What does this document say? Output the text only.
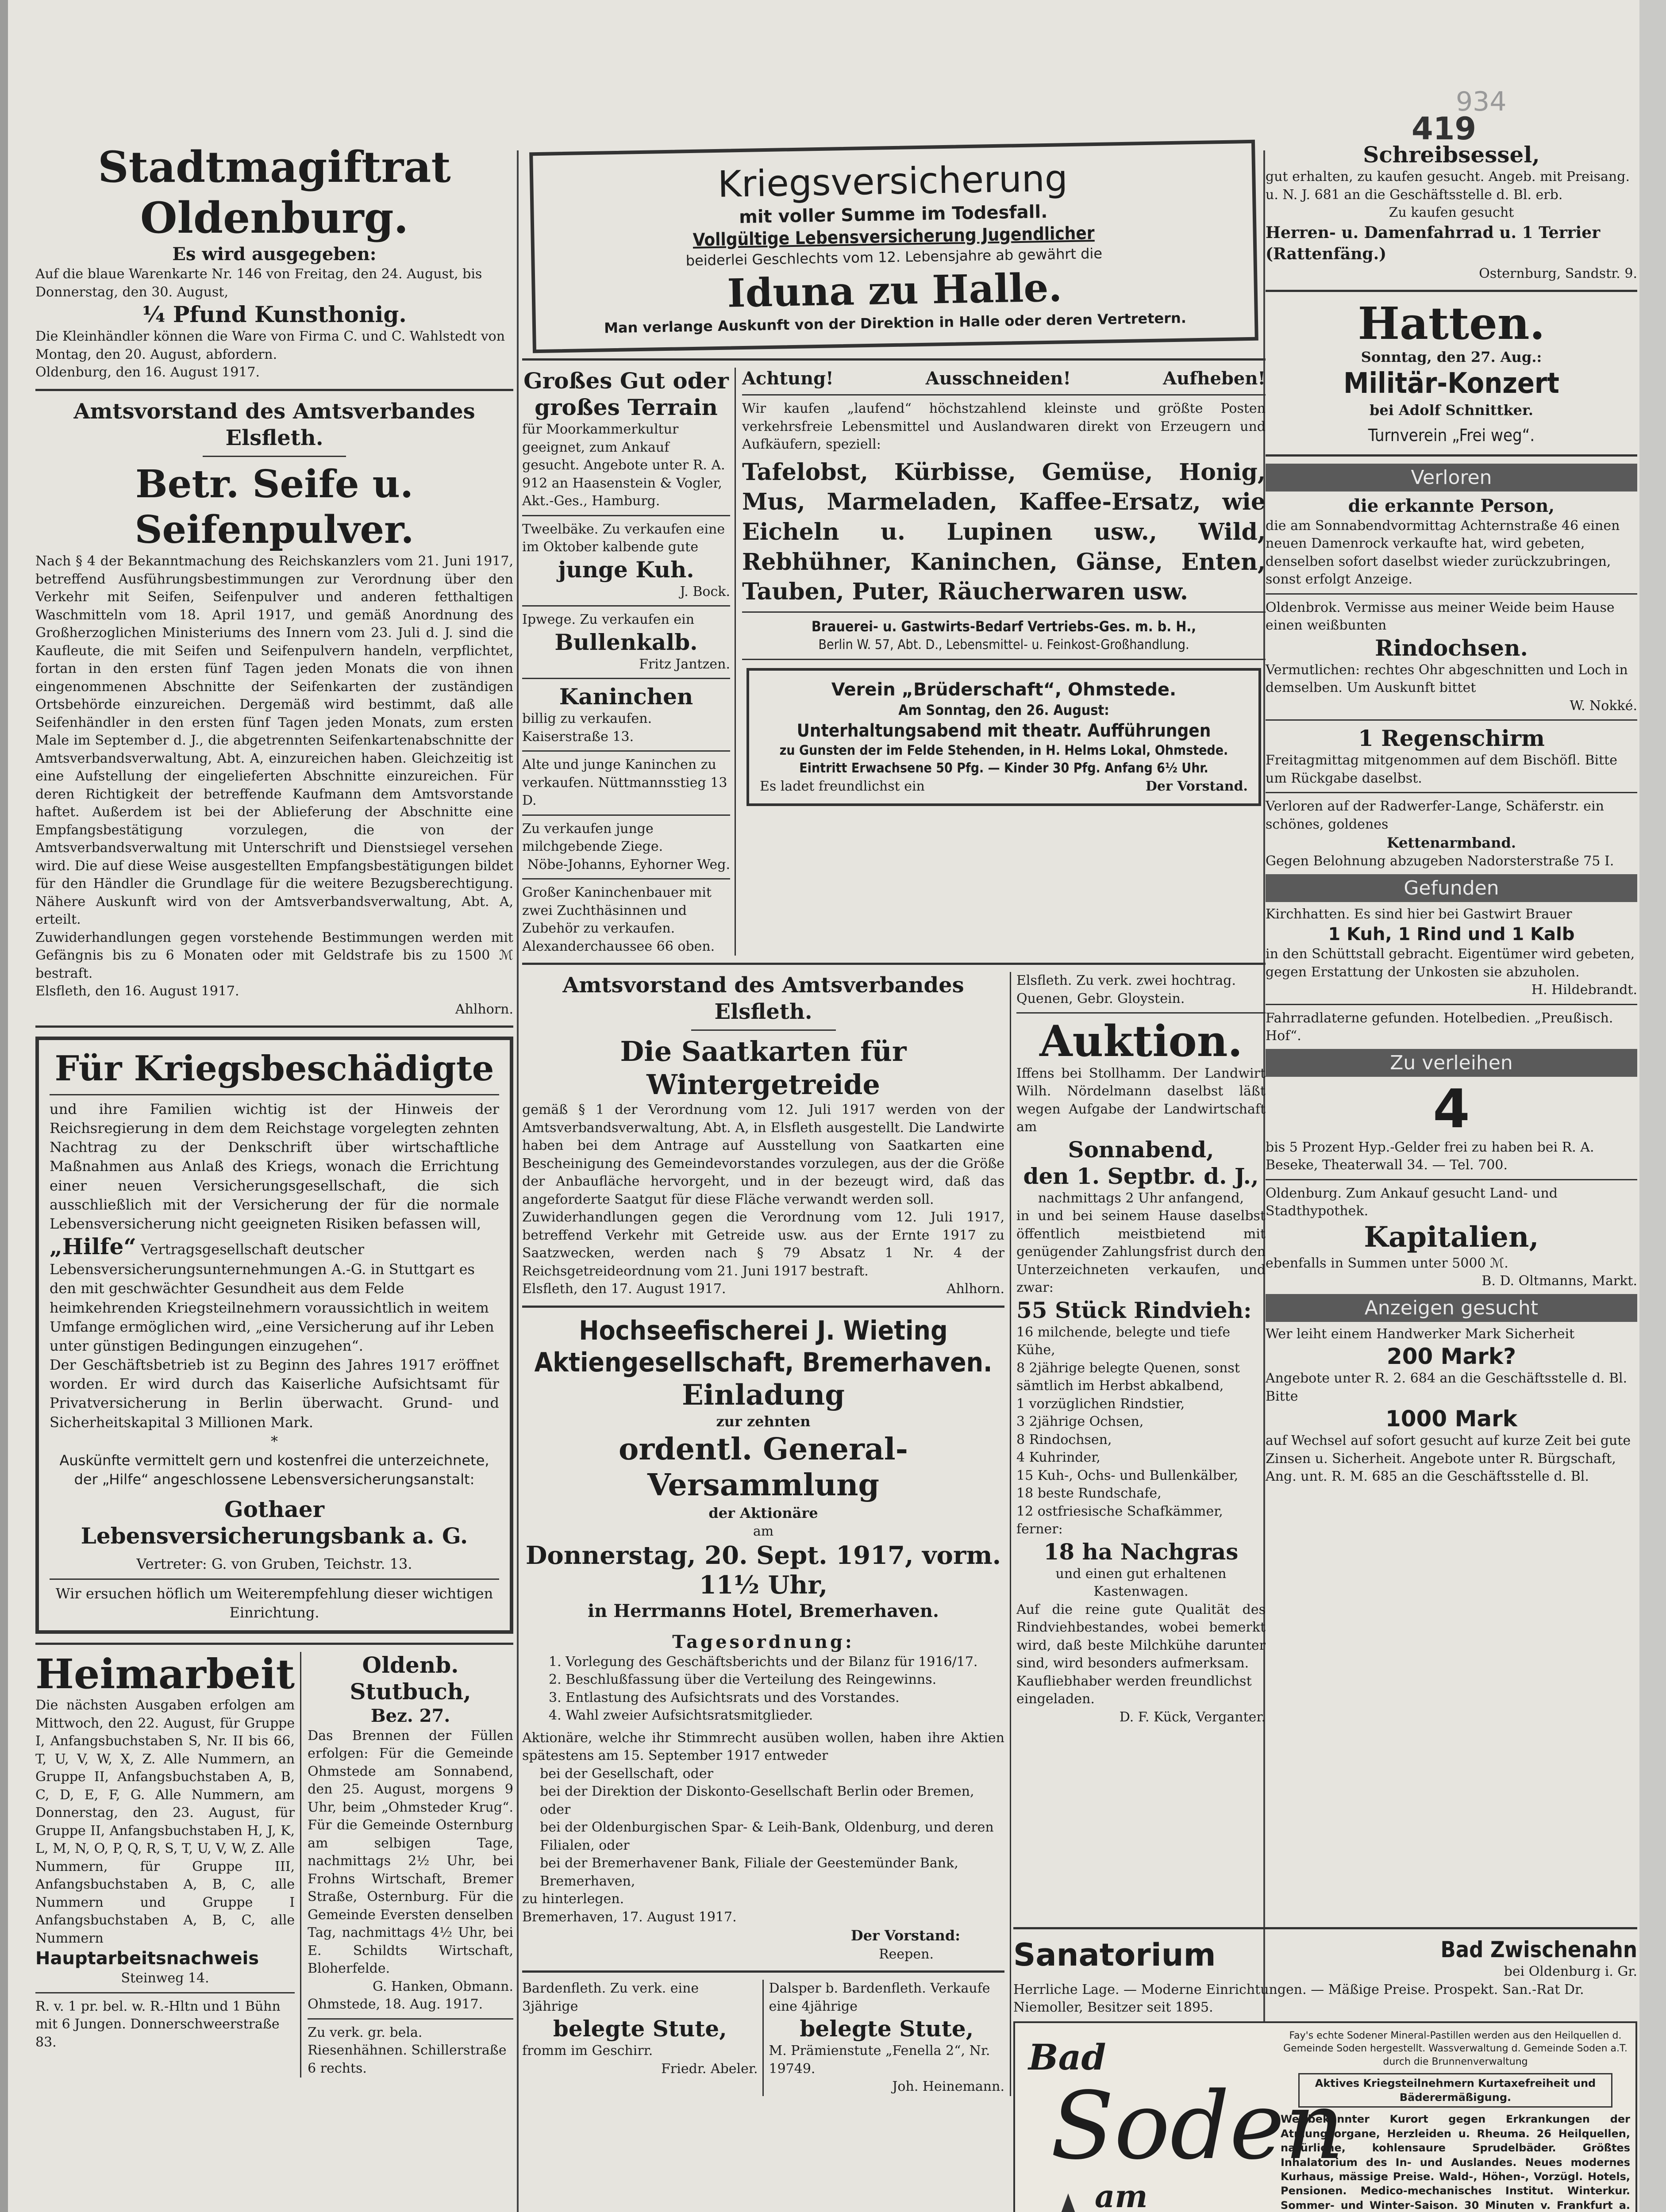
419
934
Stadtmagiftrat Oldenburg.
Es wird ausgegeben:

Auf die blaue Warenkarte Nr. 146 von Freitag, den 24. August, bis Donnerstag, den 30. August,

¼ Pfund Kunsthonig.

Die Kleinhändler können die Ware von Firma C. und C. Wahlstedt von Montag, den 20. August, abfordern.

Oldenburg, den 16. August 1917.

Amtsvorstand des Amtsverbandes Elsfleth.
Betr. Seife u. Seifenpulver.

Nach § 4 der Bekanntmachung des Reichskanzlers vom 21. Juni 1917, betreffend Ausführungsbestimmungen zur Verordnung über den Verkehr mit Seifen, Seifenpulver und anderen fetthaltigen Waschmitteln vom 18. April 1917, und gemäß Anordnung des Großherzoglichen Ministeriums des Innern vom 23. Juli d. J. sind die Kaufleute, die mit Seifen und Seifenpulvern handeln, verpflichtet, fortan in den ersten fünf Tagen jeden Monats die von ihnen eingenommenen Abschnitte der Seifenkarten der zuständigen Ortsbehörde einzureichen. Dergemäß wird bestimmt, daß alle Seifenhändler in den ersten fünf Tagen jeden Monats, zum ersten Male im September d. J., die abgetrennten Seifenkartenabschnitte der Amtsverbandsverwaltung, Abt. A, einzureichen haben. Gleichzeitig ist eine Aufstellung der eingelieferten Abschnitte einzureichen. Für deren Richtigkeit der betreffende Kaufmann dem Amtsvorstande haftet. Außerdem ist bei der Ablieferung der Abschnitte eine Empfangsbestätigung vorzulegen, die von der Amtsverbandsverwaltung mit Unterschrift und Dienstsiegel versehen wird. Die auf diese Weise ausgestellten Empfangsbestätigungen bildet für den Händler die Grundlage für die weitere Bezugsberechtigung. Nähere Auskunft wird von der Amtsverbandsverwaltung, Abt. A, erteilt.

Zuwiderhandlungen gegen vorstehende Bestimmungen werden mit Gefängnis bis zu 6 Monaten oder mit Geldstrafe bis zu 1500 ℳ bestraft.

Elsfleth, den 16. August 1917.

Ahlhorn.

Für Kriegsbeschädigte

und ihre Familien wichtig ist der Hinweis der Reichsregierung in dem dem Reichstage vorgelegten zehnten Nachtrag zu der Denkschrift über wirtschaftliche Maßnahmen aus Anlaß des Kriegs, wonach die Errichtung einer neuen Versicherungsgesellschaft, die sich ausschließlich mit der Versicherung der für die normale Lebensversicherung nicht geeigneten Risiken befassen will,

„Hilfe“ Vertragsgesellschaft deutscher Lebensversicherungsunternehmungen A.-G. in Stuttgart es den mit geschwächter Gesundheit aus dem Felde heimkehrenden Kriegsteilnehmern voraussichtlich in weitem Umfange ermöglichen wird, „eine Versicherung auf ihr Leben unter günstigen Bedingungen einzugehen“.

Der Geschäftsbetrieb ist zu Beginn des Jahres 1917 eröffnet worden. Er wird durch das Kaiserliche Aufsichtsamt für Privatversicherung in Berlin überwacht. Grund- und Sicherheitskapital 3 Millionen Mark.

*

Auskünfte vermittelt gern und kostenfrei die unterzeichnete, der „Hilfe“ angeschlossene Lebensversicherungsanstalt:

Gothaer
Lebensversicherungsbank a. G.

Vertreter: G. von Gruben, Teichstr. 13.

Wir ersuchen höflich um Weiterempfehlung dieser wichtigen Einrichtung.

Heimarbeit

Die nächsten Ausgaben erfolgen am Mittwoch, den 22. August, für Gruppe I, Anfangsbuchstaben S, Nr. II bis 66, T, U, V, W, X, Z. Alle Nummern, an Gruppe II, Anfangsbuchstaben A, B, C, D, E, F, G. Alle Nummern, am Donnerstag, den 23. August, für Gruppe II, Anfangsbuchstaben H, J, K, L, M, N, O, P, Q, R, S, T, U, V, W, Z. Alle Nummern, für Gruppe III, Anfangsbuchstaben A, B, C, alle Nummern und Gruppe I Anfangsbuchstaben A, B, C, alle Nummern

Hauptarbeitsnachweis
Steinweg 14.

R. v. 1 pr. bel. w. R.-Hltn und 1 Bühn mit 6 Jungen. Donnerschweerstraße 83.

Oldenb. Stutbuch,
Bez. 27.

Das Brennen der Füllen erfolgen: Für die Gemeinde Ohmstede am Sonnabend, den 25. August, morgens 9 Uhr, beim „Ohmsteder Krug“. Für die Gemeinde Osternburg am selbigen Tage, nachmittags 2½ Uhr, bei Frohns Wirtschaft, Bremer Straße, Osternburg. Für die Gemeinde Eversten denselben Tag, nachmittags 4½ Uhr, bei E. Schildts Wirtschaft, Bloherfelde.

G. Hanken, Obmann.

Ohmstede, 18. Aug. 1917.

Zu verk. gr. bela. Riesenhähnen. Schillerstraße 6 rechts.

Kriegsversicherung
mit voller Summe im Todesfall.
Vollgültige Lebensversicherung Jugendlicher
beiderlei Geschlechts vom 12. Lebensjahre ab gewährt die
Iduna zu Halle.
Man verlange Auskunft von der Direktion in Halle oder deren Vertretern.
Großes Gut oder
großes Terrain

für Moorkammerkultur geeignet, zum Ankauf gesucht. Angebote unter R. A. 912 an Haasenstein & Vogler, Akt.-Ges., Hamburg.

Tweelbäke. Zu verkaufen eine im Oktober kalbende gute

junge Kuh.

J. Bock.

Ipwege. Zu verkaufen ein

Bullenkalb.

Fritz Jantzen.

Kaninchen

billig zu verkaufen. Kaiserstraße 13.

Alte und junge Kaninchen zu verkaufen. Nüttmannsstieg 13 D.

Zu verkaufen junge milchgebende Ziege.

Nöbe-Johanns, Eyhorner Weg.

Großer Kaninchenbauer mit zwei Zuchthäsinnen und Zubehör zu verkaufen. Alexanderchaussee 66 oben.

Achtung!	Ausschneiden!	Aufheben!

Wir kaufen „laufend“ höchstzahlend kleinste und größte Posten verkehrsfreie Lebensmittel und Auslandwaren direkt von Erzeugern und Aufkäufern, speziell:

Tafelobst, Kürbisse, Gemüse, Honig, Mus, Marmeladen, Kaffee-Ersatz, wie Eicheln u. Lupinen usw., Wild, Rebhühner, Kaninchen, Gänse, Enten, Tauben, Puter, Räucherwaren usw.

Brauerei- u. Gastwirts-Bedarf Vertriebs-Ges. m. b. H.,

Berlin W. 57, Abt. D., Lebensmittel- u. Feinkost-Großhandlung.

Verein „Brüderschaft“, Ohmstede.
Am Sonntag, den 26. August:
Unterhaltungsabend mit theatr. Aufführungen

zu Gunsten der im Felde Stehenden, in H. Helms Lokal, Ohmstede. Eintritt Erwachsene 50 Pfg. — Kinder 30 Pfg. Anfang 6½ Uhr.

Es ladet freundlichst ein	Der Vorstand.
Amtsvorstand des Amtsverbandes Elsfleth.
Die Saatkarten für Wintergetreide

gemäß § 1 der Verordnung vom 12. Juli 1917 werden von der Amtsverbandsverwaltung, Abt. A, in Elsfleth ausgestellt. Die Landwirte haben bei dem Antrage auf Ausstellung von Saatkarten eine Bescheinigung des Gemeindevorstandes vorzulegen, aus der die Größe der Anbaufläche hervorgeht, und in der bezeugt wird, daß das angeforderte Saatgut für diese Fläche verwandt werden soll.

Zuwiderhandlungen gegen die Verordnung vom 12. Juli 1917, betreffend Verkehr mit Getreide usw. aus der Ernte 1917 zu Saatzwecken, werden nach § 79 Absatz 1 Nr. 4 der Reichsgetreideordnung vom 21. Juni 1917 bestraft.

Elsfleth, den 17. August 1917.	Ahlhorn.
Hochseefischerei J. Wieting
Aktiengesellschaft, Bremerhaven.
Einladung
zur zehnten
ordentl. General-Versammlung
der Aktionäre
am
Donnerstag, 20. Sept. 1917, vorm. 11½ Uhr,
in Herrmanns Hotel, Bremerhaven.
Tagesordnung:
1. Vorlegung des Geschäftsberichts und der Bilanz für 1916/17.
2. Beschlußfassung über die Verteilung des Reingewinns.
3. Entlastung des Aufsichtsrats und des Vorstandes.
4. Wahl zweier Aufsichtsratsmitglieder.

Aktionäre, welche ihr Stimmrecht ausüben wollen, haben ihre Aktien spätestens am 15. September 1917 entweder

bei der Gesellschaft, oder
bei der Direktion der Diskonto-Gesellschaft Berlin oder Bremen, oder
bei der Oldenburgischen Spar- & Leih-Bank, Oldenburg, und deren Filialen, oder
bei der Bremerhavener Bank, Filiale der Geestemünder Bank, Bremerhaven,

zu hinterlegen.

Bremerhaven, 17. August 1917.

Der Vorstand:
Reepen.

Bardenfleth. Zu verk. eine 3jährige

belegte Stute,

fromm im Geschirr.

Friedr. Abeler.

Dalsper b. Bardenfleth. Verkaufe eine 4jährige

belegte Stute,

M. Prämienstute „Fenella 2“, Nr. 19749.

Joh. Heinemann.

Elsfleth. Zu verk. zwei hochtrag. Quenen, Gebr. Gloystein.

Auktion.

Iffens bei Stollhamm. Der Landwirt Wilh. Nördelmann daselbst läßt wegen Aufgabe der Landwirtschaft am

Sonnabend,
den 1. Septbr. d. J.,
nachmittags 2 Uhr anfangend,

in und bei seinem Hause daselbst öffentlich meistbietend mit genügender Zahlungsfrist durch den Unterzeichneten verkaufen, und zwar:

55 Stück Rindvieh:
16 milchende, belegte und tiefe Kühe,
8 2jährige belegte Quenen, sonst sämtlich im Herbst abkalbend,
1 vorzüglichen Rindstier,
3 2jährige Ochsen,
8 Rindochsen,
4 Kuhrinder,
15 Kuh-, Ochs- und Bullenkälber,
18 beste Rundschafe,
12 ostfriesische Schafkämmer,

ferner:

18 ha Nachgras

und einen gut erhaltenen Kastenwagen.

Auf die reine gute Qualität des Rindviehbestandes, wobei bemerkt wird, daß beste Milchkühe darunter sind, wird besonders aufmerksam.

Kaufliebhaber werden freundlichst eingeladen.

D. F. Kück, Verganter.

Schreibsessel,

gut erhalten, zu kaufen gesucht. Angeb. mit Preisang. u. N. J. 681 an die Geschäftsstelle d. Bl. erb.

Zu kaufen gesucht

Herren- u. Damenfahrrad u. 1 Terrier (Rattenfäng.)

Osternburg, Sandstr. 9.

Hatten.
Sonntag, den 27. Aug.:
Militär-Konzert
bei Adolf Schnittker.
Turnverein „Frei weg“.
Verloren
die erkannte Person,

die am Sonnabendvormittag Achternstraße 46 einen neuen Damenrock verkaufte hat, wird gebeten, denselben sofort daselbst wieder zurückzubringen, sonst erfolgt Anzeige.

Oldenbrok. Vermisse aus meiner Weide beim Hause einen weißbunten

Rindochsen.

Vermutlichen: rechtes Ohr abgeschnitten und Loch in demselben. Um Auskunft bittet

W. Nokké.

1 Regenschirm

Freitagmittag mitgenommen auf dem Bischöfl. Bitte um Rückgabe daselbst.

Verloren auf der Radwerfer-Lange, Schäferstr. ein schönes, goldenes

Kettenarmband.

Gegen Belohnung abzugeben Nadorsterstraße 75 I.

Gefunden

Kirchhatten. Es sind hier bei Gastwirt Brauer

1 Kuh, 1 Rind und 1 Kalb

in den Schüttstall gebracht. Eigentümer wird gebeten, gegen Erstattung der Unkosten sie abzuholen.

H. Hildebrandt.

Fahrradlaterne gefunden. Hotelbedien. „Preußisch. Hof“.

Zu verleihen
4

bis 5 Prozent Hyp.-Gelder frei zu haben bei R. A. Beseke, Theaterwall 34. — Tel. 700.

Oldenburg. Zum Ankauf gesucht Land- und Stadthypothek.

Kapitalien,

ebenfalls in Summen unter 5000 ℳ.

B. D. Oltmanns, Markt.

Anzeigen gesucht

Wer leiht einem Handwerker Mark Sicherheit

200 Mark?

Angebote unter R. 2. 684 an die Geschäftsstelle d. Bl. Bitte

1000 Mark

auf Wechsel auf sofort gesucht auf kurze Zeit bei gute Zinsen u. Sicherheit. Angebote unter R. Bürgschaft, Ang. unt. R. M. 685 an die Geschäftsstelle d. Bl.

Sanatorium	Bad Zwischenahn
bei Oldenburg i. Gr.

Herrliche Lage. — Moderne Einrichtungen. — Mäßige Preise. Prospekt. San.-Rat Dr. Niemoller, Besitzer seit 1895.

Bad
Soden
am

Fay's echte Sodener Mineral-Pastillen werden aus den Heilquellen d. Gemeinde Soden hergestellt. Wassverwaltung d. Gemeinde Soden a.T. durch die Brunnenverwaltung

Aktives Kriegsteilnehmern Kurtaxefreiheit und Bäderermäßigung.

Weltbekannter Kurort gegen Erkrankungen der Atmungsorgane, Herzleiden u. Rheuma. 26 Heilquellen, natürliche, kohlensaure Sprudelbäder. Größtes Inhalatorium des In- und Auslandes. Neues modernes Kurhaus, mässige Preise. Wald-, Höhen-, Vorzügl. Hotels, Pensionen. Medico-mechanisches Institut. Winterkur. Sommer- und Winter-Saison. 30 Minuten v. Frankfurt a.
